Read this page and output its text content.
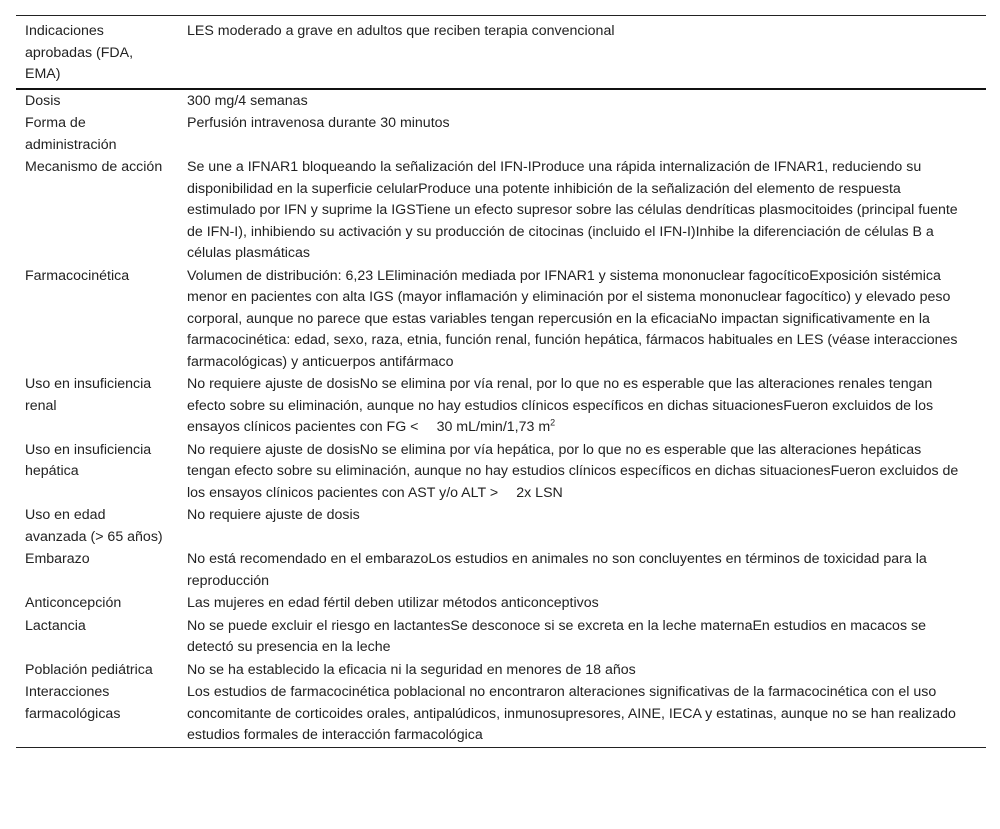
Indicaciones aprobadas (FDA, EMA)	LES moderado a grave en adultos que reciben terapia convencional
Dosis	300 mg/4 semanas
Forma de administración	Perfusión intravenosa durante 30 minutos
Mecanismo de acción	Se une a IFNAR1 bloqueando la señalización del IFN-IProduce una rápida internalización de IFNAR1, reduciendo su disponibilidad en la superficie celularProduce una potente inhibición de la señalización del elemento de respuesta estimulado por IFN y suprime la IGSTiene un efecto supresor sobre las células dendríticas plasmocitoides (principal fuente de IFN-I), inhibiendo su activación y su producción de citocinas (incluido el IFN-I)Inhibe la diferenciación de células B a células plasmáticas
Farmacocinética	Volumen de distribución: 6,23 LEliminación mediada por IFNAR1 y sistema mononuclear fagocíticoExposición sistémica menor en pacientes con alta IGS (mayor inflamación y eliminación por el sistema mononuclear fagocítico) y elevado peso corporal, aunque no parece que estas variables tengan repercusión en la eficaciaNo impactan significativamente en la farmacocinética: edad, sexo, raza, etnia, función renal, función hepática, fármacos habituales en LES (véase interacciones farmacológicas) y anticuerpos antifármaco
Uso en insuficiencia renal	No requiere ajuste de dosisNo se elimina por vía renal, por lo que no es esperable que las alteraciones renales tengan efecto sobre su eliminación, aunque no hay estudios clínicos específicos en dichas situacionesFueron excluidos de los ensayos clínicos pacientes con FG <  30 mL/min/1,73 $m^2$
Uso en insuficiencia hepática	No requiere ajuste de dosisNo se elimina por vía hepática, por lo que no es esperable que las alteraciones hepáticas tengan efecto sobre su eliminación, aunque no hay estudios clínicos específicos en dichas situacionesFueron excluidos de los ensayos clínicos pacientes con AST y/o ALT >  2x LSN
Uso en edad avanzada (> 65 años)	No requiere ajuste de dosis
Embarazo	No está recomendado en el embarazoLos estudios en animales no son concluyentes en términos de toxicidad para la reproducción
Anticoncepción	Las mujeres en edad fértil deben utilizar métodos anticonceptivos
Lactancia	No se puede excluir el riesgo en lactantesSe desconoce si se excreta en la leche maternaEn estudios en macacos se detectó su presencia en la leche
Población pediátrica	No se ha establecido la eficacia ni la seguridad en menores de 18 años
Interacciones farmacológicas	Los estudios de farmacocinética poblacional no encontraron alteraciones significativas de la farmacocinética con el uso concomitante de corticoides orales, antipalúdicos, inmunosupresores, AINE, IECA y estatinas, aunque no se han realizado estudios formales de interacción farmacológica
